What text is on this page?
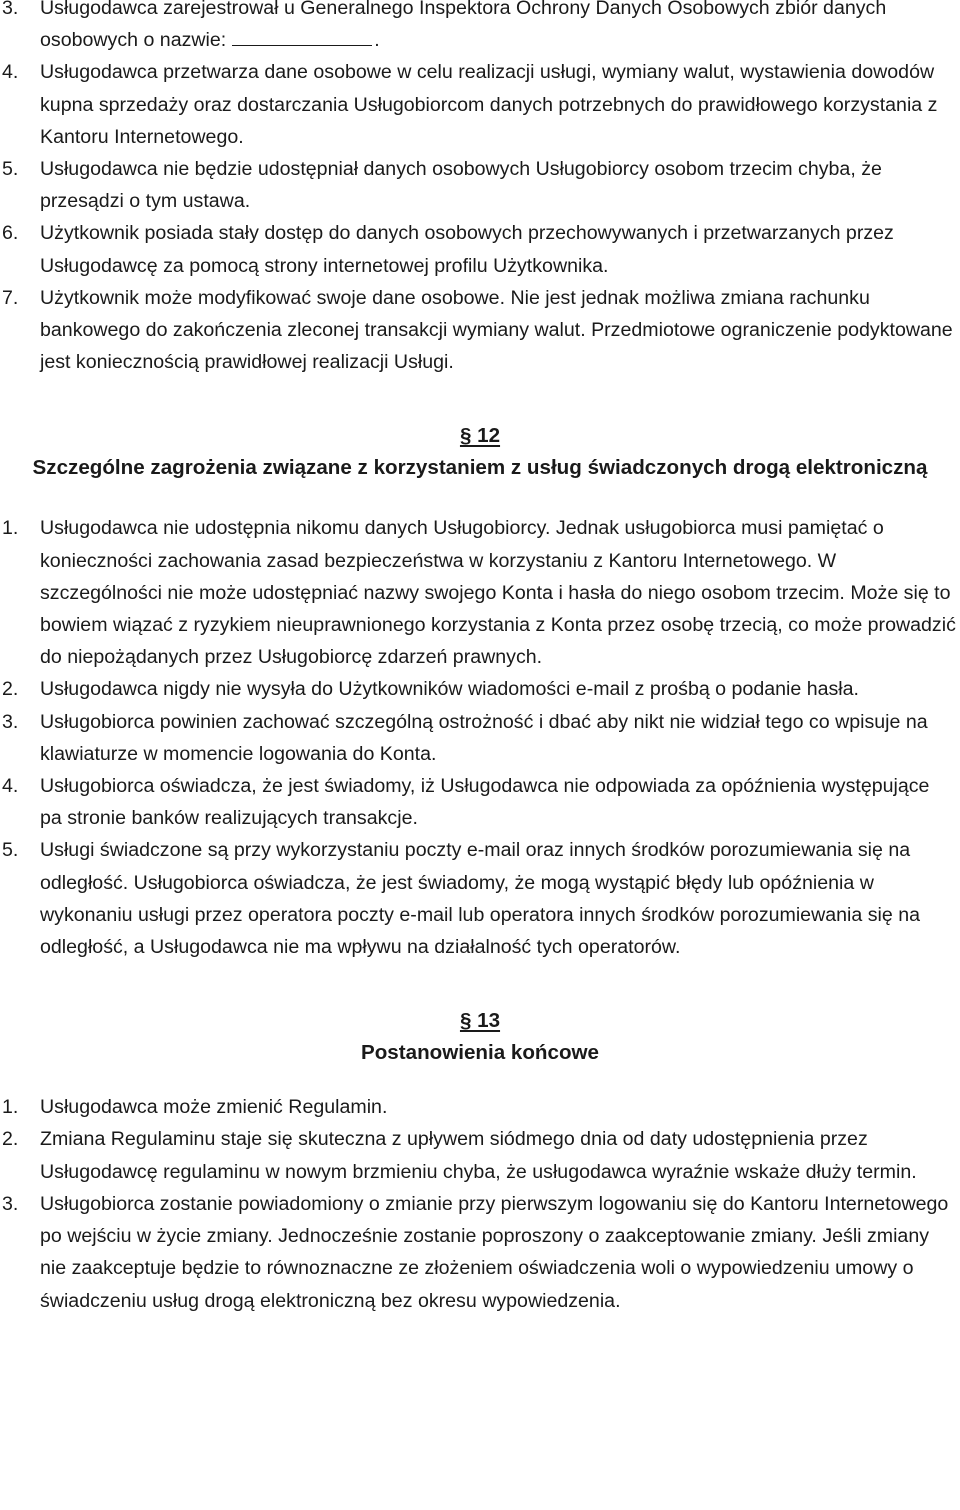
3. Usługodawca zarejestrował u Generalnego Inspektora Ochrony Danych Osobowych zbiór danych osobowych o nazwie:	.
4. Usługodawca przetwarza dane osobowe w celu realizacji usługi, wymiany walut, wystawienia dowodów kupna sprzedaży oraz dostarczania Usługobiorcom danych potrzebnych do prawidłowego korzystania z Kantoru Internetowego.
5. Usługodawca nie będzie udostępniał danych osobowych Usługobiorcy osobom trzecim chyba, że przesądzi o tym ustawa.
6. Użytkownik posiada stały dostęp do danych osobowych przechowywanych i przetwarzanych przez Usługodawcę za pomocą strony internetowej profilu Użytkownika.
7. Użytkownik może modyfikować swoje dane osobowe. Nie jest jednak możliwa zmiana rachunku bankowego do zakończenia zleconej transakcji wymiany walut. Przedmiotowe ograniczenie podyktowane jest koniecznością prawidłowej realizacji Usługi.
§ 12
Szczególne zagrożenia związane z korzystaniem z usług świadczonych drogą elektroniczną
1. Usługodawca nie udostępnia nikomu danych Usługobiorcy. Jednak usługobiorca musi pamiętać o konieczności zachowania zasad bezpieczeństwa w korzystaniu z Kantoru Internetowego. W szczególności nie może udostępniać nazwy swojego Konta i hasła do niego osobom trzecim. Może się to bowiem wiązać z ryzykiem nieuprawnionego korzystania z Konta przez osobę trzecią, co może prowadzić do niepożądanych przez Usługobiorcę zdarzeń prawnych.
2. Usługodawca nigdy nie wysyła do Użytkowników wiadomości e-mail z prośbą o podanie hasła.
3. Usługobiorca powinien zachować szczególną ostrożność i dbać aby nikt nie widział tego co wpisuje na klawiaturze w momencie logowania do Konta.
4. Usługobiorca oświadcza, że jest świadomy, iż Usługodawca nie odpowiada za opóźnienia występujące pa stronie banków realizujących transakcje.
5. Usługi świadczone są przy wykorzystaniu poczty e-mail oraz innych środków porozumiewania się na odległość. Usługobiorca oświadcza, że jest świadomy, że mogą wystąpić błędy lub opóźnienia w wykonaniu usługi przez operatora poczty e-mail lub operatora innych środków porozumiewania się na odległość, a Usługodawca nie ma wpływu na działalność tych operatorów.
§ 13
Postanowienia końcowe
1. Usługodawca może zmienić Regulamin.
2. Zmiana Regulaminu staje się skuteczna z upływem siódmego dnia od daty udostępnienia przez Usługodawcę regulaminu w nowym brzmieniu chyba, że usługodawca wyraźnie wskaże dłuży termin.
3. Usługobiorca zostanie powiadomiony o zmianie przy pierwszym logowaniu się do Kantoru Internetowego po wejściu w życie zmiany. Jednocześnie zostanie poproszony o zaakceptowanie zmiany. Jeśli zmiany nie zaakceptuje będzie to równoznaczne ze złożeniem oświadczenia woli o wypowiedzeniu umowy o świadczeniu usług drogą elektroniczną bez okresu wypowiedzenia.
